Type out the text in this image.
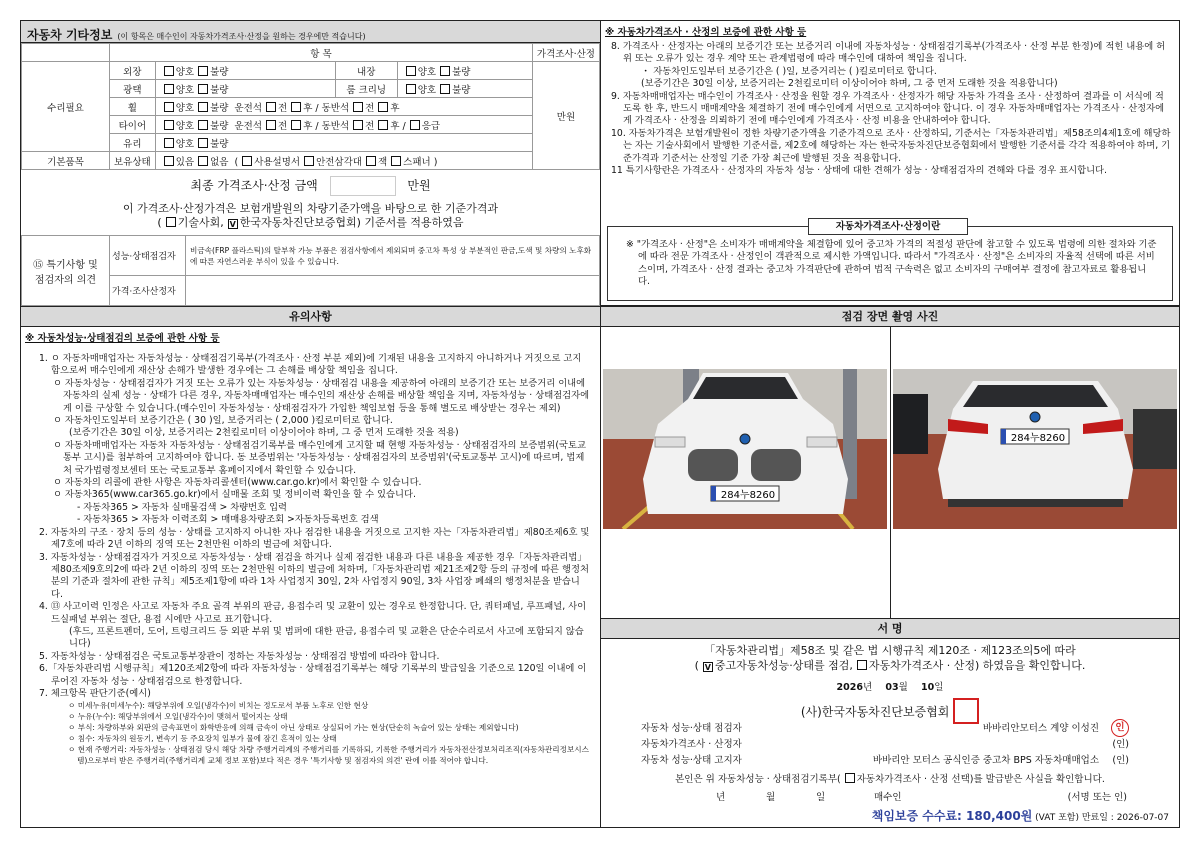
자동차 기타정보 (이 항목은 매수인이 자동차가격조사·산정을 원하는 경우에만 적습니다)
	항 목				가격조사·산정
수리필요	외장	양호 불량	내장	양호 불량	만원
	광택	양호 불량	룸 크리닝	양호 불량	
	휠	양호 불량  운전석 전 후 / 동반석 전 후			
	타이어	양호 불량  운전석 전 후 / 동반석 전 후 / 응급			
	유리	양호 불량			
기본품목	보유상태	있음 없음  ( 사용설명서 안전삼각대 잭 스패너 )			
최종 가격조사·산정 금액	만원
이 가격조사·산정가격은 보험개발원의 차량기준가액을 바탕으로 한 기준가격과
( 기술사회, V 한국자동차진단보증협회) 기준서를 적용하였음
⑮ 특기사항 및
점검자의 의견	성능·상태점검자	비금속(FRP 플라스틱)의 탈부착 가능 부품은 점검사항에서 제외되며 중고차 특성 상 부분적인 판금,도색 및 차량의 노후화에 따른 자연스러운 부식이 있을 수 있습니다.
	가격·조사산정자	
※ 자동차가격조사 · 산정의 보증에 관한 사항 등

8. 가격조사 · 산정자는 아래의 보증기간 또는 보증거리 이내에 자동차성능 · 상태점검기록부(가격조사 · 산정 부분 한정)에 적힌 내용에 허위 또는 오류가 있는 경우 계약 또는 관계법령에 따라 매수인에 대하여 책임을 집니다.

・ 자동차인도일부터 보증기간은 ( )일, 보증거리는 ( )킬로미터로 합니다.

(보증기간은 30일 이상, 보증거리는 2천킬로미터 이상이어야 하며, 그 중 먼저 도래한 것을 적용합니다)

9. 자동차매매업자는 매수인이 가격조사 · 산정을 원할 경우 가격조사 · 산정자가 해당 자동차 가격을 조사 · 산정하여 결과를 이 서식에 적도록 한 후, 반드시 매매계약을 체결하기 전에 매수인에게 서면으로 고지하여야 합니다. 이 경우 자동차매매업자는 가격조사 · 산정자에게 가격조사 · 산정을 의뢰하기 전에 매수인에게 가격조사 · 산정 비용을 안내하여야 합니다.

10. 자동차가격은 보험개발원이 정한 차량기준가액을 기준가격으로 조사 · 산정하되, 기준서는「자동차관리법」제58조의4제1호에 해당하는 자는 기술사회에서 발행한 기준서를, 제2호에 해당하는 자는 한국자동차진단보증협회에서 발행한 기준서를 각각 적용하여야 하며, 기준가격과 기준서는 산정일 기준 가장 최근에 발행된 것을 적용합니다.

11 특기사항란은 가격조사 · 산정자의 자동차 성능 · 상태에 대한 견해가 성능 · 상태점검자의 견해와 다를 경우 표시합니다.

자동차가격조사·산정이란
※ "가격조사 · 산정"은 소비자가 매매계약을 체결함에 있어 중고차 가격의 적절성 판단에 참고할 수 있도록 법령에 의한 절차와 기준에 따라 전문 가격조사 · 산정인이 객관적으로 제시한 가액입니다. 따라서 "가격조사 · 산정"은 소비자의 자율적 선택에 따른 서비스이며, 가격조사 · 산정 결과는 중고차 가격판단에 관하여 법적 구속력은 없고 소비자의 구매여부 결정에 참고자료로 활용됩니다.
유의사항
※ 자동차성능·상태점검의 보증에 관한 사항 등

1. ㅇ 자동차매매업자는 자동차성능 · 상태점검기록부(가격조사 · 산정 부분 제외)에 기재된 내용을 고지하지 아니하거나 거짓으로 고지함으로써 매수인에게 재산상 손해가 발생한 경우에는 그 손해를 배상할 책임을 집니다.

ㅇ 자동차성능 · 상태점검자가 거짓 또는 오류가 있는 자동차성능 · 상태점검 내용을 제공하여 아래의 보증기간 또는 보증거리 이내에 자동차의 실제 성능 · 상태가 다른 경우, 자동차매매업자는 매수인의 재산상 손해를 배상할 책임을 지며, 자동차성능 · 상태점검자에게 이를 구상할 수 있습니다.(매수인이 자동차성능 · 상태점검자가 가입한 책임보험 등을 통해 별도로 배상받는 경우는 제외)

ㅇ 자동차인도일부터 보증기간은 ( 30 )일, 보증거리는 ( 2,000 )킬로미터로 합니다.

(보증기간은 30일 이상, 보증거리는 2천킬로미터 이상이어야 하며, 그 중 먼저 도래한 것을 적용)

ㅇ 자동차매매업자는 자동차 자동차성능 · 상태점검기록부를 매수인에게 고지할 때 현행 자동차성능 · 상태점검자의 보증범위(국토교통부 고시)를 첨부하여 고지하여야 합니다. 동 보증범위는 '자동차성능 · 상태점검자의 보증범위'(국토교통부 고시)에 따르며, 법제처 국가법령정보센터 또는 국토교통부 홈페이지에서 확인할 수 있습니다.

ㅇ 자동차의 리콜에 관한 사항은 자동차리콜센터(www.car.go.kr)에서 확인할 수 있습니다.

ㅇ 자동차365(www.car365.go.kr)에서 실매물 조회 및 정비이력 확인을 할 수 있습니다.

- 자동차365 > 자동차 실매물검색 > 차량번호 입력

- 자동차365 > 자동차 이력조회 > 매매용차량조회 >자동차등록번호 검색

2. 자동차의 구조 · 장치 등의 성능 · 상태를 고지하지 아니한 자나 점검한 내용을 거짓으로 고지한 자는「자동차관리법」제80조제6호 및 제7호에 따라 2년 이하의 징역 또는 2천만원 이하의 벌금에 처합니다.

3. 자동차성능 · 상태점검자가 거짓으로 자동차성능 · 상태 점검을 하거나 실제 점검한 내용과 다른 내용을 제공한 경우「자동차관리법」제80조제9호의2에 따라 2년 이하의 징역 또는 2천만원 이하의 벌금에 처하며,「자동차관리법 제21조제2항 등의 규정에 따른 행정처분의 기준과 절차에 관한 규칙」제5조제1항에 따라 1차 사업정지 30일, 2차 사업정지 90일, 3차 사업장 폐쇄의 행정처분을 받습니다.

4. ⑬ 사고이력 인정은 사고로 자동차 주요 골격 부위의 판금, 용접수리 및 교환이 있는 경우로 한정합니다. 단, 쿼터패널, 루프패널, 사이드실패널 부위는 절단, 용접 시에만 사고로 표기합니다.

(후드, 프론트펜더, 도어, 트렁크리드 등 외판 부위 및 범퍼에 대한 판금, 용접수리 및 교환은 단순수리로서 사고에 포함되지 않습니다)

5. 자동차성능 · 상태점검은 국토교통부장관이 정하는 자동차성능 · 상태점검 방법에 따라야 합니다.

6.「자동차관리법 시행규칙」제120조제2항에 따라 자동차성능 · 상태점검기록부는 해당 기록부의 발급일을 기준으로 120일 이내에 이루어진 자동차 성능 · 상태점검으로 한정합니다.

7. 체크항목 판단기준(예시)

ㅇ 미세누유(미세누수): 해당부위에 오일(냉각수)이 비치는 정도로서 부품 노후로 인한 현상

ㅇ 누유(누수): 해당부위에서 오일(냉각수)이 맺혀서 떨어지는 상태

ㅇ 부식: 차량하부와 외판의 금속표면이 화학반응에 의해 금속이 아닌 상태로 상실되어 가는 현상(단순히 녹슬어 있는 상태는 제외합니다)

ㅇ 침수: 자동차의 원동기, 변속기 등 주요장치 일부가 물에 잠긴 흔적이 있는 상태

ㅇ 현재 주행거리: 자동차성능 · 상태점검 당시 해당 차량 주행거리계의 주행거리를 기록하되, 기록한 주행거리가 자동차전산정보처리조직(자동차관리정보시스템)으로부터 받은 주행거리(주행거리계 교체 정보 포함)보다 적은 경우 '특기사항 및 점검자의 의견' 란에 이를 적어야 합니다.

점검 장면 촬영 사진
284누8260
284누8260
서 명
「자동차관리법」제58조 및 같은 법 시행규칙 제120조 · 제123조의5에 따라
( V 중고자동차성능·상태를 점검, 자동차가격조사 · 산정) 하였음을 확인합니다.
2026년 03월 10일
(사)한국자동차진단보증협회
자동차 성능·상태 점검자	바바리안모터스 계양 이성진	인
자동차가격조사 · 산정자	(인)
자동차 성능·상태 고지자	바바리안 모터스 공식인증 중고차 BPS 자동차매매업소 (인)
본인은 위 자동차성능 · 상태점검기록부( 자동차가격조사 · 산정 선택)를 발급받은 사실을 확인합니다.
년	월	일	매수인	(서명 또는 인)
책임보증 수수료: 180,400원 (VAT 포함) 만료일 : 2026-07-07
